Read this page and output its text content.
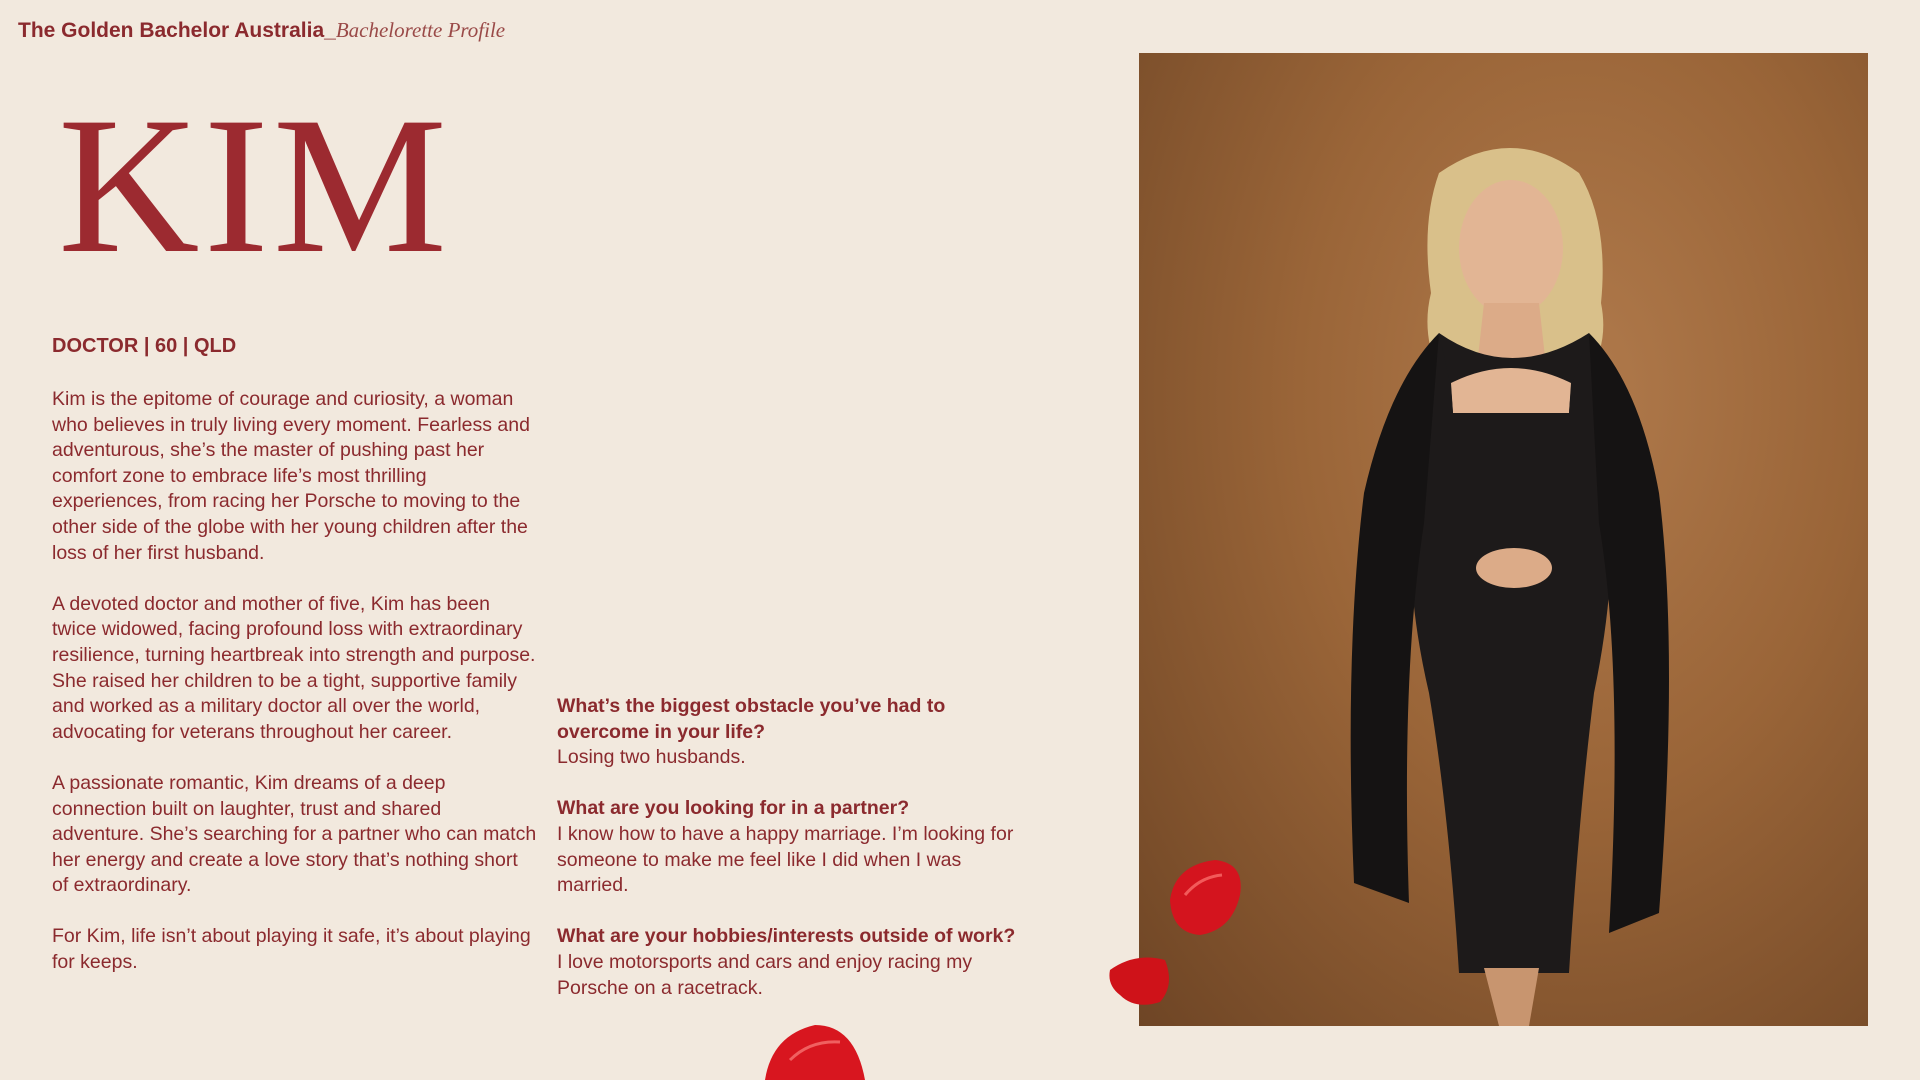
The Golden Bachelor Australia_Bachelorette Profile
KIM
DOCTOR | 60 | QLD

Kim is the epitome of courage and curiosity, a woman who believes in truly living every moment. Fearless and adventurous, she’s the master of pushing past her comfort zone to embrace life’s most thrilling experiences, from racing her Porsche to moving to the other side of the globe with her young children after the loss of her first husband.

A devoted doctor and mother of five, Kim has been twice widowed, facing profound loss with extraordinary resilience, turning heartbreak into strength and purpose. She raised her children to be a tight, supportive family and worked as a military doctor all over the world, advocating for veterans throughout her career.

A passionate romantic, Kim dreams of a deep connection built on laughter, trust and shared adventure. She’s searching for a partner who can match her energy and create a love story that’s nothing short of extraordinary.

For Kim, life isn’t about playing it safe, it’s about playing for keeps.

What’s the biggest obstacle you’ve had to overcome in your life?
Losing two husbands.
What are you looking for in a partner?
I know how to have a happy marriage. I’m looking for someone to make me feel like I did when I was married.
What are your hobbies/interests outside of work?
I love motorsports and cars and enjoy racing my Porsche on a racetrack.
